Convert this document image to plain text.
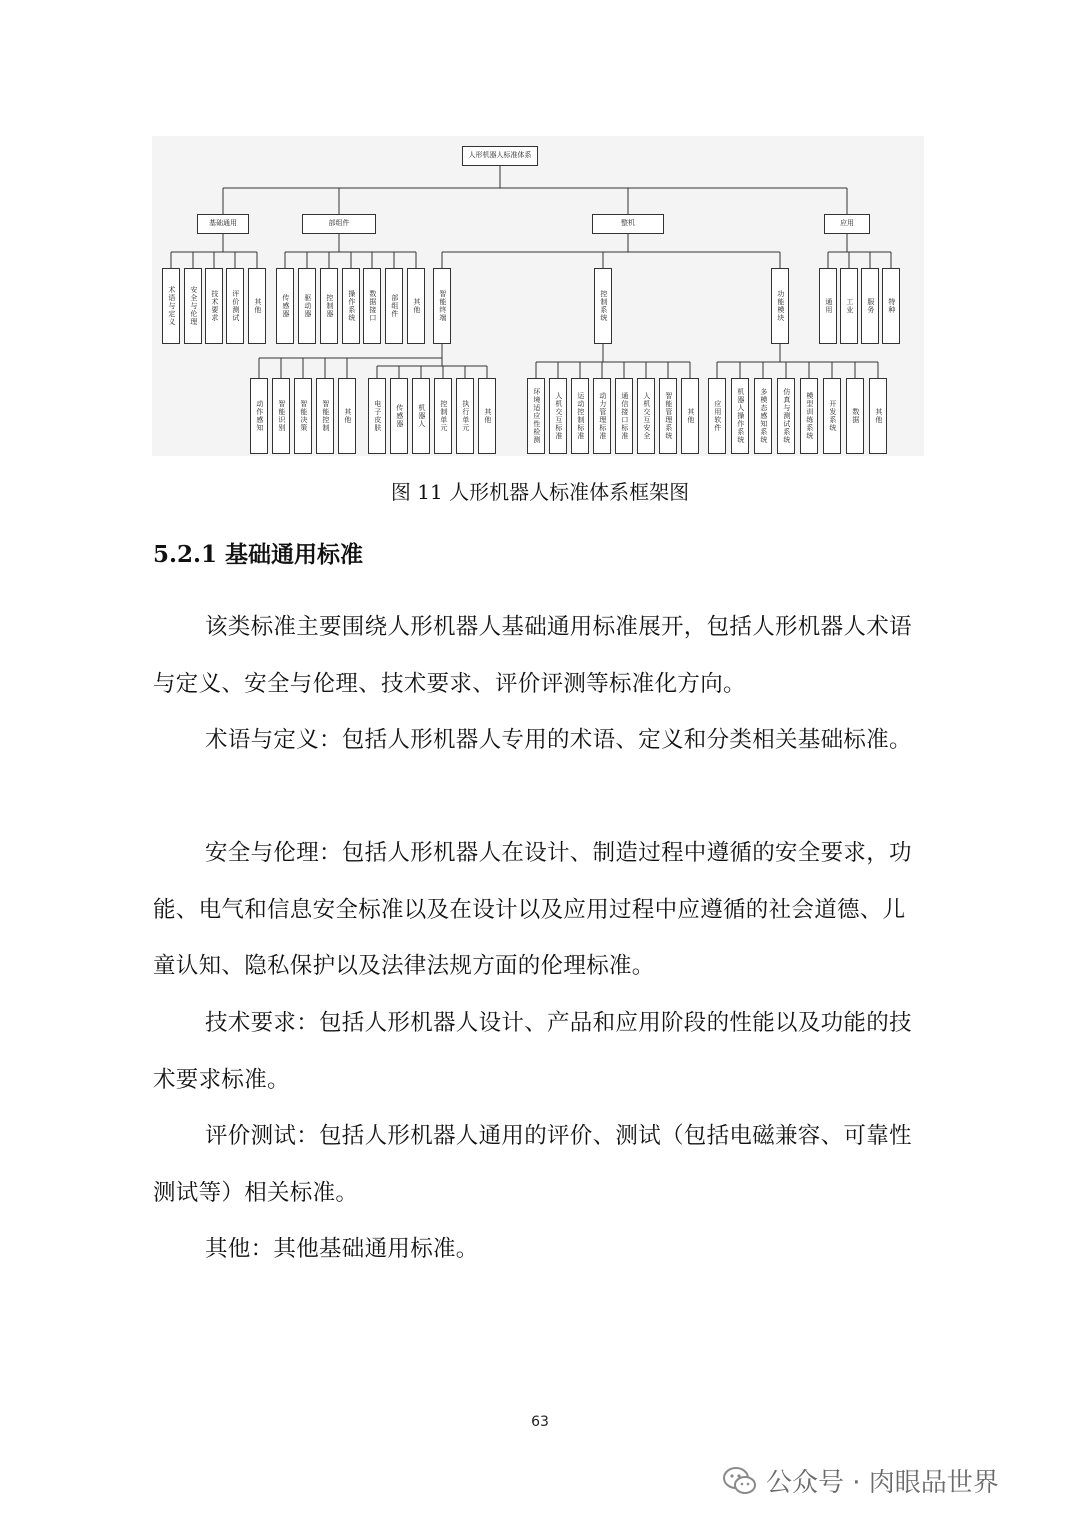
人形机器人标准体系
基础通用	部组件	整机	应用
术语与定义	安全与伦理	技术要求	评价测试	其他	传感器	驱动器	控制器	操作系统	数据接口	部组件	其他	智能终端	控制系统	功能模块	通用	工业	服务	特种
动作感知	智能识别	智能决策	智能控制	其他	电子皮肤	传感器	机器人	控制单元	执行单元	其他	环境适应性检测	人机交互标准	运动控制标准	动力管理标准	通信接口标准	人机交互安全	智能管理系统	其他	应用软件	机器人操作系统	多模态感知系统	仿真与测试系统	模型训练系统	开发系统	数据	其他
图 11 人形机器人标准体系框架图
5.2.1 基础通用标准

该类标准主要围绕人形机器人基础通用标准展开，包括人形机器人术语与定义、安全与伦理、技术要求、评价评测等标准化方向。

术语与定义：包括人形机器人专用的术语、定义和分类相关基础标准。

安全与伦理：包括人形机器人在设计、制造过程中遵循的安全要求，功能、电气和信息安全标准以及在设计以及应用过程中应遵循的社会道德、儿童认知、隐私保护以及法律法规方面的伦理标准。

技术要求：包括人形机器人设计、产品和应用阶段的性能以及功能的技术要求标准。

评价测试：包括人形机器人通用的评价、测试（包括电磁兼容、可靠性测试等）相关标准。

其他：其他基础通用标准。

63
公众号 · 肉眼品世界
